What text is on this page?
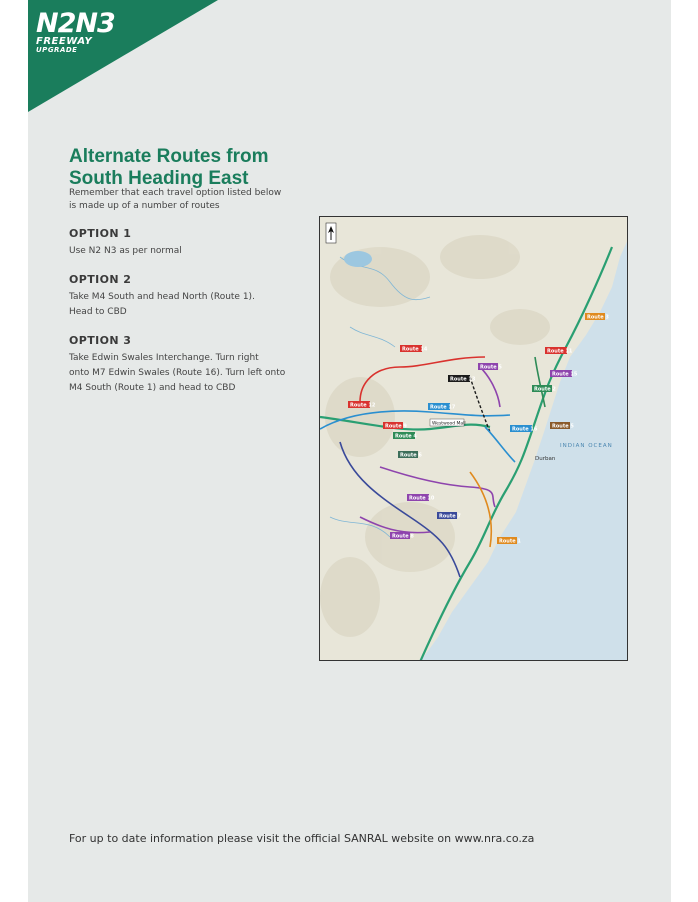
N2N3
FREEWAY
UPGRADE
Alternate Routes from
South Heading East
Remember that each travel option listed below
is made up of a number of routes
OPTION 1
Use N2 N3 as per normal
OPTION 2
Take M4 South and head North (Route 1).
Head to CBD
OPTION 3
Take Edwin Swales Interchange. Turn right
onto M7 Edwin Swales (Route 16). Turn left onto
M4 South (Route 1) and head to CBD
Route 14
Route 17
Route 5
Route 13
Route 12
Route 2
Route 4
Route 6
Route 9
Route 10
Route 7
Route 8
Route 1
Route 3
Route 16
Route 15
Route 11
Route 5
Westwood Mall
Durban
INDIAN OCEAN
For up to date information please visit the official SANRAL website on www.nra.co.za
